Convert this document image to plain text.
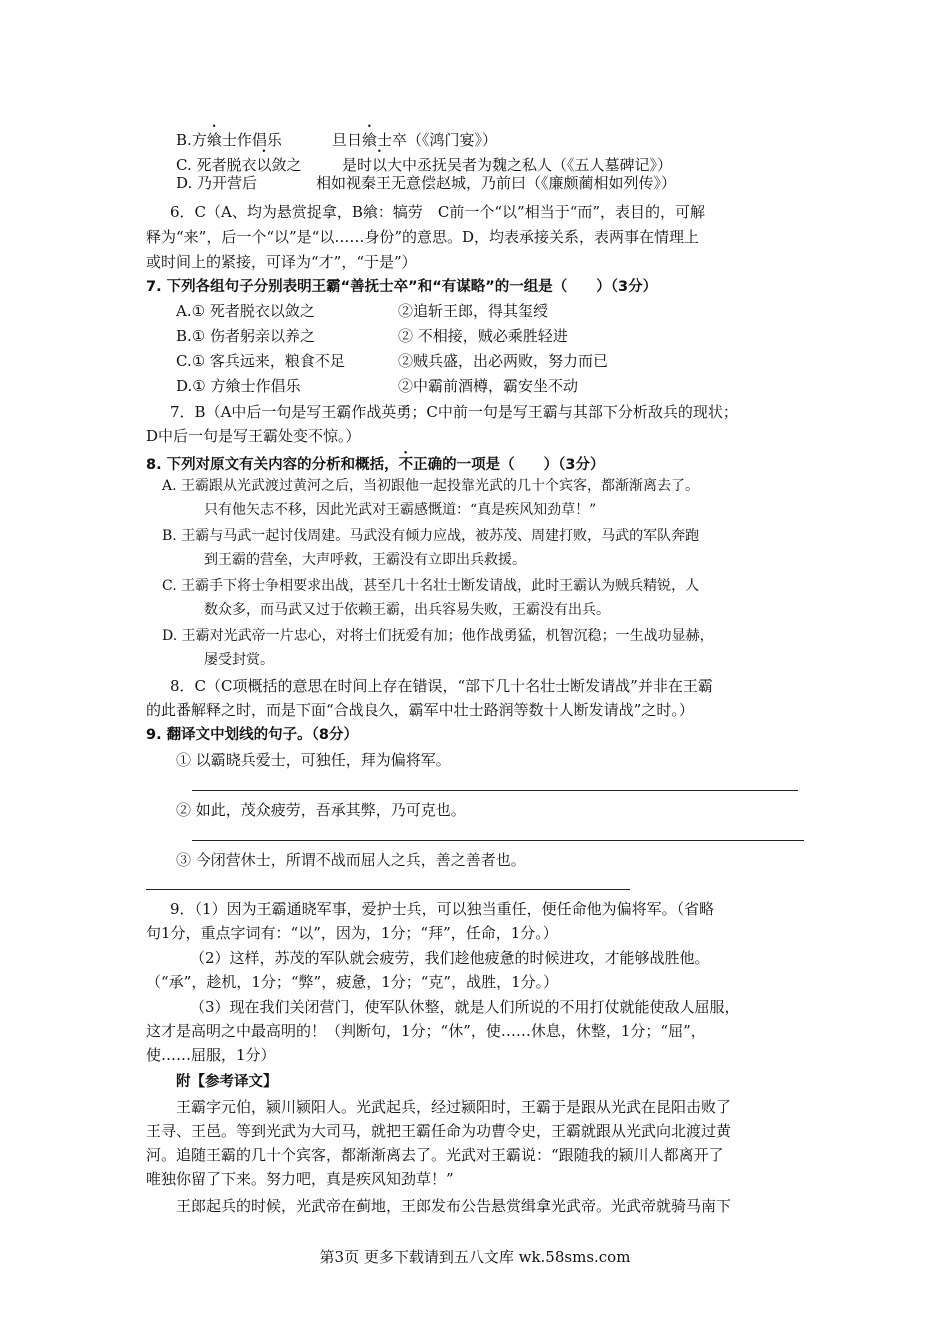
B.方飨士作倡乐	旦日飨士卒（《鸿门宴》）
C. 死者脱衣以敛之	是时以大中丞抚吴者为魏之私人（《五人墓碑记》）
D. 乃开营后	相如视秦王无意偿赵城，乃前曰（《廉颇蔺相如列传》）
6．C（A、均为悬赏捉拿，B飨：犒劳　C前一个“以”相当于“而”，表目的，可解
释为“来”，后一个“以”是“以……身份”的意思。D，均表承接关系，表两事在情理上
或时间上的紧接，可译为“才”，“于是”）
7. 下列各组句子分别表明王霸“善抚士卒”和“有谋略”的一组是（　　）（3分）
A.① 死者脱衣以敛之	②追斩王郎，得其玺绶
B.① 伤者躬亲以养之	② 不相接，贼必乘胜轻进
C.① 客兵远来，粮食不足	②贼兵盛，出必两败，努力而已
D.① 方飨士作倡乐	②中霸前酒樽，霸安坐不动
7．B（A中后一句是写王霸作战英勇；C中前一句是写王霸与其部下分析敌兵的现状；
D中后一句是写王霸处变不惊。）
8. 下列对原文有关内容的分析和概括，不正确的一项是（　　）（3分）
A. 王霸跟从光武渡过黄河之后，当初跟他一起投靠光武的几十个宾客，都渐渐离去了。
只有他矢志不移，因此光武对王霸感慨道：“真是疾风知劲草！”
B. 王霸与马武一起讨伐周建。马武没有倾力应战，被苏茂、周建打败，马武的军队奔跑
到王霸的营垒，大声呼救，王霸没有立即出兵救援。
C. 王霸手下将士争相要求出战，甚至几十名壮士断发请战，此时王霸认为贼兵精锐，人
数众多，而马武又过于依赖王霸，出兵容易失败，王霸没有出兵。
D. 王霸对光武帝一片忠心，对将士们抚爱有加；他作战勇猛，机智沉稳；一生战功显赫，
屡受封赏。
8．C（C项概括的意思在时间上存在错误，“部下几十名壮士断发请战”并非在王霸
的此番解释之时，而是下面“合战良久，霸军中壮士路润等数十人断发请战”之时。）
9. 翻译文中划线的句子。（8分）
① 以霸晓兵爱士，可独任，拜为偏将军。
② 如此，茂众疲劳，吾承其弊，乃可克也。
③ 今闭营休士，所谓不战而屈人之兵，善之善者也。
9．（1）因为王霸通晓军事，爱护士兵，可以独当重任，便任命他为偏将军。（省略
句1分，重点字词有：“以”，因为，1分；“拜”，任命，1分。）
（2）这样，苏茂的军队就会疲劳，我们趁他疲惫的时候进攻，才能够战胜他。
（“承”，趁机，1分；“弊”，疲惫，1分；“克”，战胜，1分。）
（3）现在我们关闭营门，使军队休整，就是人们所说的不用打仗就能使敌人屈服，
这才是高明之中最高明的！（判断句，1分；“休”，使……休息，休整，1分；“屈”，
使……屈服，1分）
附【参考译文】
王霸字元伯，颍川颍阳人。光武起兵，经过颍阳时，王霸于是跟从光武在昆阳击败了
王寻、王邑。等到光武为大司马，就把王霸任命为功曹令史，王霸就跟从光武向北渡过黄
河。追随王霸的几十个宾客，都渐渐离去了。光武对王霸说：“跟随我的颍川人都离开了
唯独你留了下来。努力吧，真是疾风知劲草！”
王郎起兵的时候，光武帝在蓟地，王郎发布公告悬赏缉拿光武帝。光武帝就骑马南下
第3页 更多下载请到五八文库 wk.58sms.com
